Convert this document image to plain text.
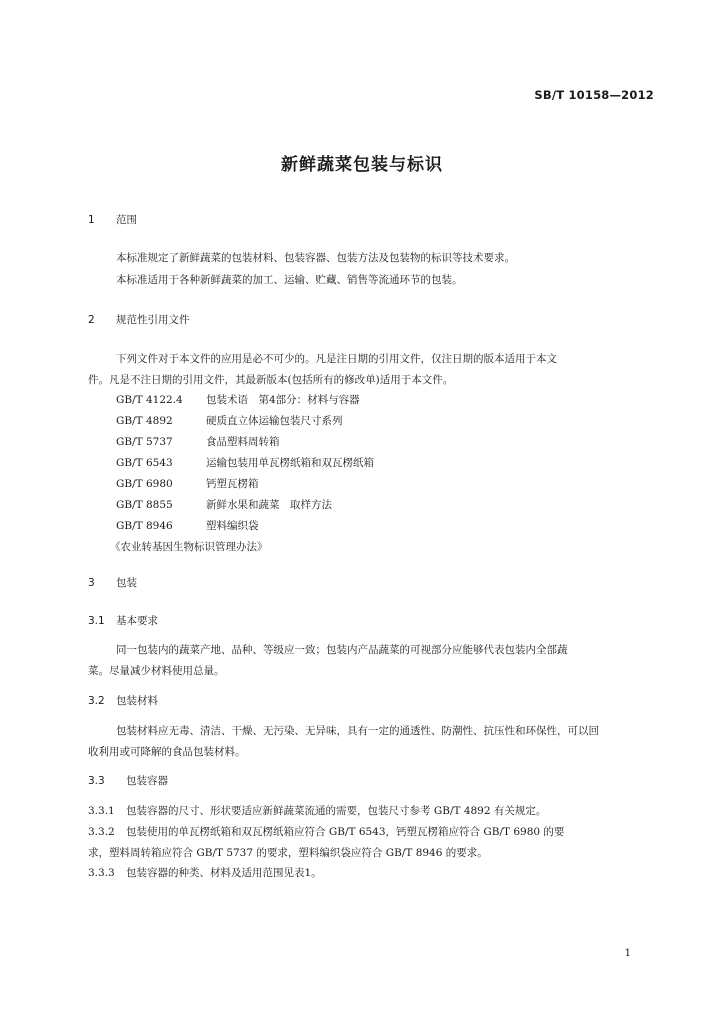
SB/T 10158—2012
新鲜蔬菜包装与标识
1 范围
本标准规定了新鲜蔬菜的包装材料、包装容器、包装方法及包装物的标识等技术要求。
本标准适用于各种新鲜蔬菜的加工、运输、贮藏、销售等流通环节的包装。
2 规范性引用文件
下列文件对于本文件的应用是必不可少的。凡是注日期的引用文件，仅注日期的版本适用于本文
件。凡是不注日期的引用文件，其最新版本(包括所有的修改单)适用于本文件。
GB/T 4122.4 包装术语　第4部分：材料与容器
GB/T 4892	硬质直立体运输包装尺寸系列
GB/T 5737	食品塑料周转箱
GB/T 6543	运输包装用单瓦楞纸箱和双瓦楞纸箱
GB/T 6980	钙塑瓦楞箱
GB/T 8855	新鲜水果和蔬菜　取样方法
GB/T 8946	塑料编织袋
《农业转基因生物标识管理办法》
3 包装
3.1 基本要求
同一包装内的蔬菜产地、品种、等级应一致；包装内产品蔬菜的可视部分应能够代表包装内全部蔬
菜。尽量减少材料使用总量。
3.2 包装材料
包装材料应无毒、清洁、干燥、无污染、无异味，具有一定的通透性、防潮性、抗压性和环保性，可以回
收利用或可降解的食品包装材料。
3.3 包装容器
3.3.1 包装容器的尺寸、形状要适应新鲜蔬菜流通的需要，包装尺寸参考 GB/T 4892 有关规定。
3.3.2 包装使用的单瓦楞纸箱和双瓦楞纸箱应符合 GB/T 6543，钙塑瓦楞箱应符合 GB/T 6980 的要
求，塑料周转箱应符合 GB/T 5737 的要求，塑料编织袋应符合 GB/T 8946 的要求。
3.3.3 包装容器的种类、材料及适用范围见表1。
1
